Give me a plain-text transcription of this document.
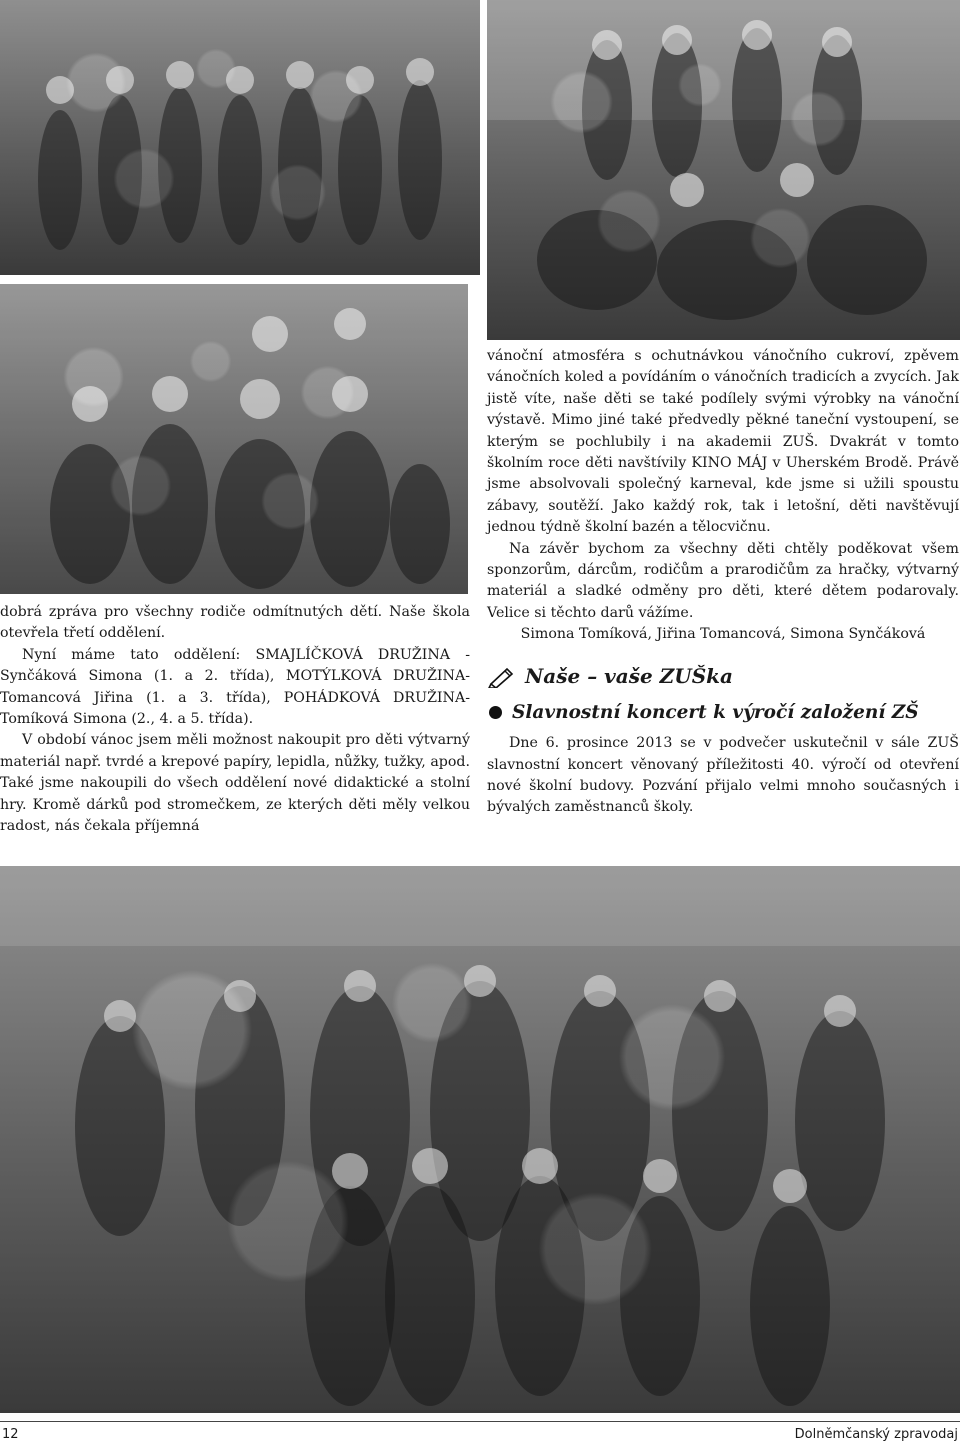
dobrá zpráva pro všechny rodiče odmítnutých dětí. Naše škola otevřela třetí oddělení.

Nyní máme tato oddělení: SMAJLÍČKOVÁ DRUŽINA - Synčáková Simona (1. a 2. třída), MOTÝLKOVÁ DRUŽINA-Tomancová Jiřina (1. a 3. třída), POHÁDKOVÁ DRUŽINA-Tomíková Simona (2., 4. a 5. třída).

V období vánoc jsem měli možnost nakoupit pro děti výtvarný materiál např. tvrdé a krepové papíry, lepidla, nůžky, tužky, apod. Také jsme nakoupili do všech oddělení nové didaktické a stolní hry. Kromě dárků pod stromečkem, ze kterých děti měly velkou radost, nás čekala příjemná

vánoční atmosféra s ochutnávkou vánočního cukroví, zpěvem vánočních koled a povídáním o vánočních tradicích a zvycích. Jak jistě víte, naše děti se také podílely svými výrobky na vánoční výstavě. Mimo jiné také předvedly pěkné taneční vystoupení, se kterým se pochlubily i na akademii ZUŠ. Dvakrát v tomto školním roce děti navštívily KINO MÁJ v Uherském Brodě. Právě jsme absolvovali společný karneval, kde jsme si užili spoustu zábavy, soutěží. Jako každý rok, tak i letošní, děti navštěvují jednou týdně školní bazén a tělocvičnu.

Na závěr bychom za všechny děti chtěly poděkovat všem sponzorům, dárcům, rodičům a prarodičům za hračky, výtvarný materiál a sladké odměny pro děti, které dětem podarovaly. Velice si těchto darů vážíme.

Simona Tomíková, Jiřina Tomancová, Simona Synčáková

Naše – vaše ZUŠka
Slavnostní koncert k výročí založení ZŠ

Dne 6. prosince 2013 se v podvečer uskutečnil v sále ZUŠ slavnostní koncert věnovaný příležitosti 40. výročí od otevření nové školní budovy. Pozvání přijalo velmi mnoho současných i bývalých zaměstnanců školy.

12	Dolněmčanský zpravodaj
